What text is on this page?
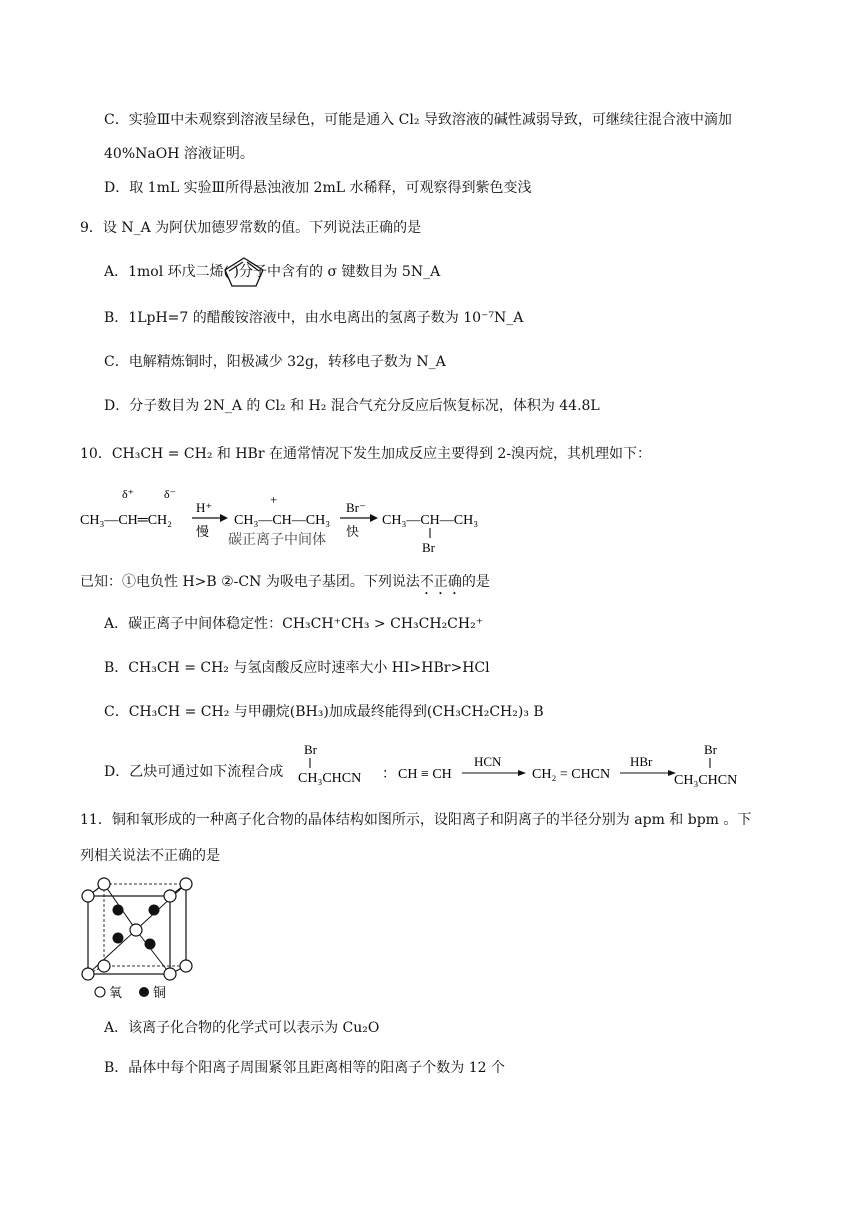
C．实验Ⅲ中未观察到溶液呈绿色，可能是通入 Cl₂ 导致溶液的碱性减弱导致，可继续往混合液中滴加
40%NaOH 溶液证明。
D．取 1mL 实验Ⅲ所得悬浊液加 2mL 水稀释，可观察得到紫色变浅
9．设 N_A 为阿伏加德罗常数的值。下列说法正确的是
A．1mol 环戊二烯( )分子中含有的 σ 键数目为 5N_A
B．1LpH=7 的醋酸铵溶液中，由水电离出的氢离子数为 10⁻⁷N_A
C．电解精炼铜时，阳极减少 32g，转移电子数为 N_A
D．分子数目为 2N_A 的 Cl₂ 和 H₂ 混合气充分反应后恢复标况，体积为 44.8L
10．CH₃CH = CH₂ 和 HBr 在通常情况下发生加成反应主要得到 2-溴丙烷，其机理如下：
CH₃—CH═CH₂
δ⁺	δ⁻
H⁺
慢
CH₃—CH—CH₃
+
碳正离子中间体
Br⁻
快
CH₃—CH—CH₃
Br
已知：①电负性 H>B ②-CN 为吸电子基团。下列说法不正确的是
A．碳正离子中间体稳定性：CH₃CH⁺CH₃ > CH₃CH₂CH₂⁺
B．CH₃CH = CH₂ 与氢卤酸反应时速率大小 HI>HBr>HCl
C．CH₃CH = CH₂ 与甲硼烷(BH₃)加成最终能得到(CH₃CH₂CH₂)₃ B
D．乙炔可通过如下流程合成
Br
CH₃CHCN ： CH ≡ CH
HCN
CH₂ = CHCN
HBr
Br
CH₃CHCN
11．铜和氧形成的一种离子化合物的晶体结构如图所示，设阳离子和阴离子的半径分别为 apm 和 bpm 。下
列相关说法不正确的是
氧 铜
A．该离子化合物的化学式可以表示为 Cu₂O
B．晶体中每个阳离子周围紧邻且距离相等的阳离子个数为 12 个
